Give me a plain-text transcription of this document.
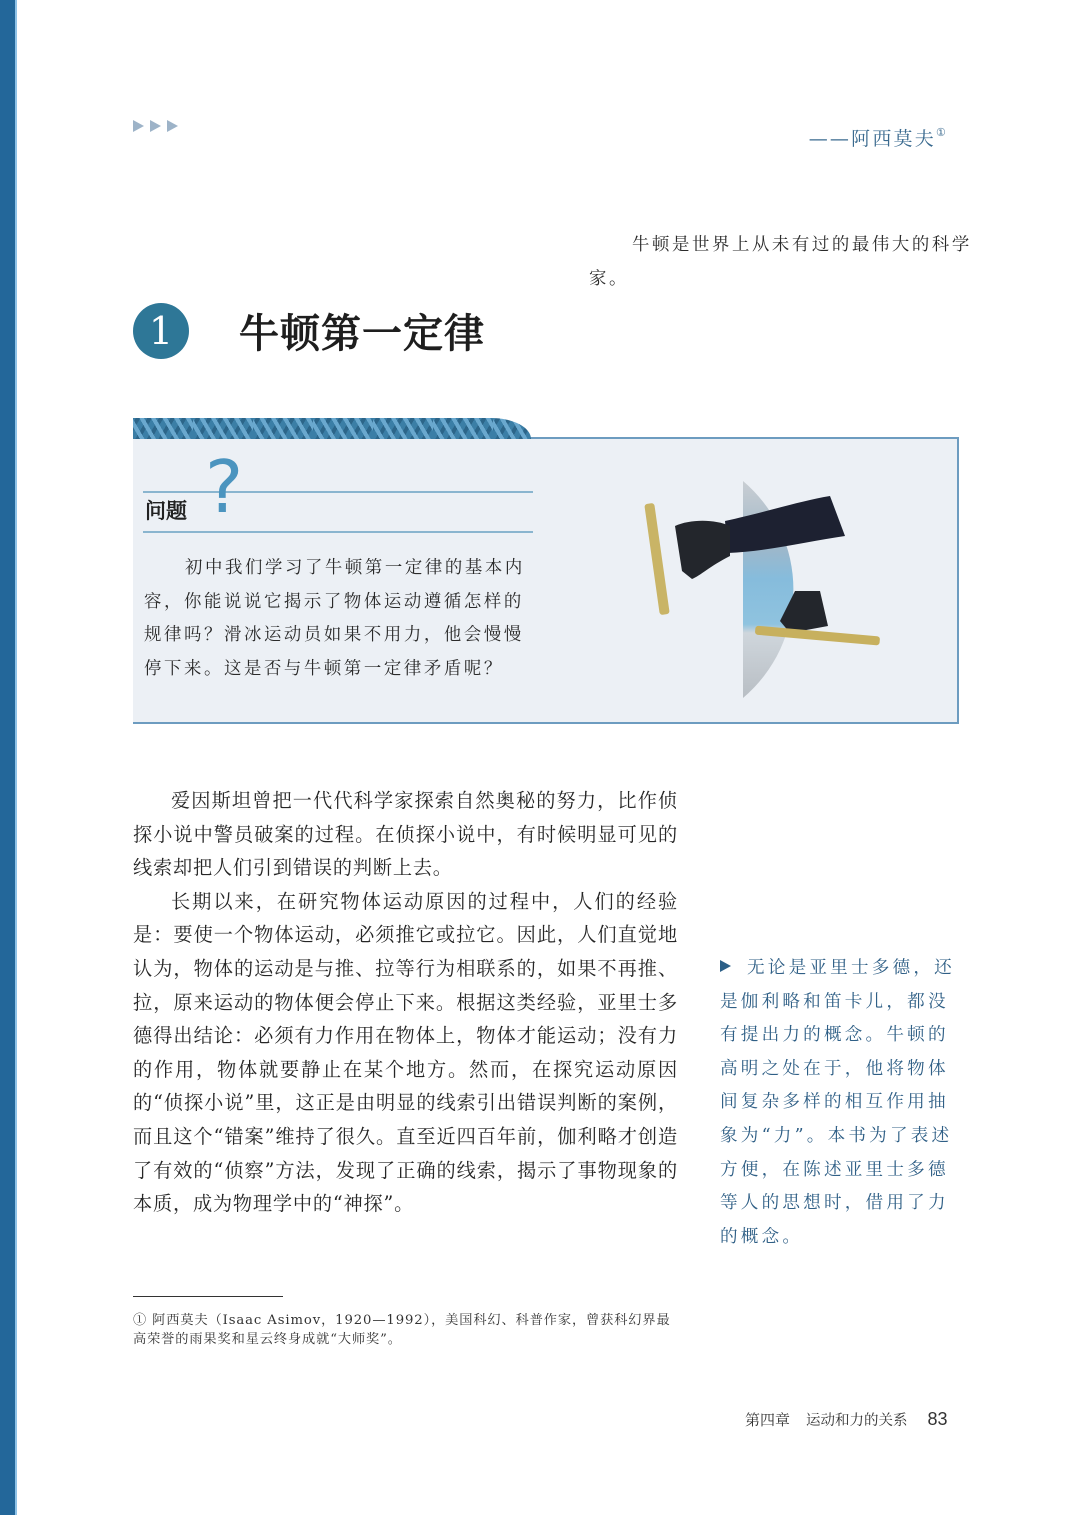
牛顿是世界上从未有过的最伟大的科学家。
——阿西莫夫①
1	牛顿第一定律
问题 ?

初中我们学习了牛顿第一定律的基本内容，你能说说它揭示了物体运动遵循怎样的规律吗？滑冰运动员如果不用力，他会慢慢停下来。这是否与牛顿第一定律矛盾呢？

爱因斯坦曾把一代代科学家探索自然奥秘的努力，比作侦探小说中警员破案的过程。在侦探小说中，有时候明显可见的线索却把人们引到错误的判断上去。

长期以来，在研究物体运动原因的过程中，人们的经验是：要使一个物体运动，必须推它或拉它。因此，人们直觉地认为，物体的运动是与推、拉等行为相联系的，如果不再推、拉，原来运动的物体便会停止下来。根据这类经验，亚里士多德得出结论：必须有力作用在物体上，物体才能运动；没有力的作用，物体就要静止在某个地方。然而，在探究运动原因的“侦探小说”里，这正是由明显的线索引出错误判断的案例，而且这个“错案”维持了很久。直至近四百年前，伽利略才创造了有效的“侦察”方法，发现了正确的线索，揭示了事物现象的本质，成为物理学中的“神探”。

无论是亚里士多德，还是伽利略和笛卡儿，都没有提出力的概念。牛顿的高明之处在于，他将物体间复杂多样的相互作用抽象为“力”。本书为了表述方便，在陈述亚里士多德等人的思想时，借用了力的概念。
① 阿西莫夫（Isaac Asimov，1920—1992），美国科幻、科普作家，曾获科幻界最高荣誉的雨果奖和星云终身成就“大师奖”。
第四章 运动和力的关系 83
